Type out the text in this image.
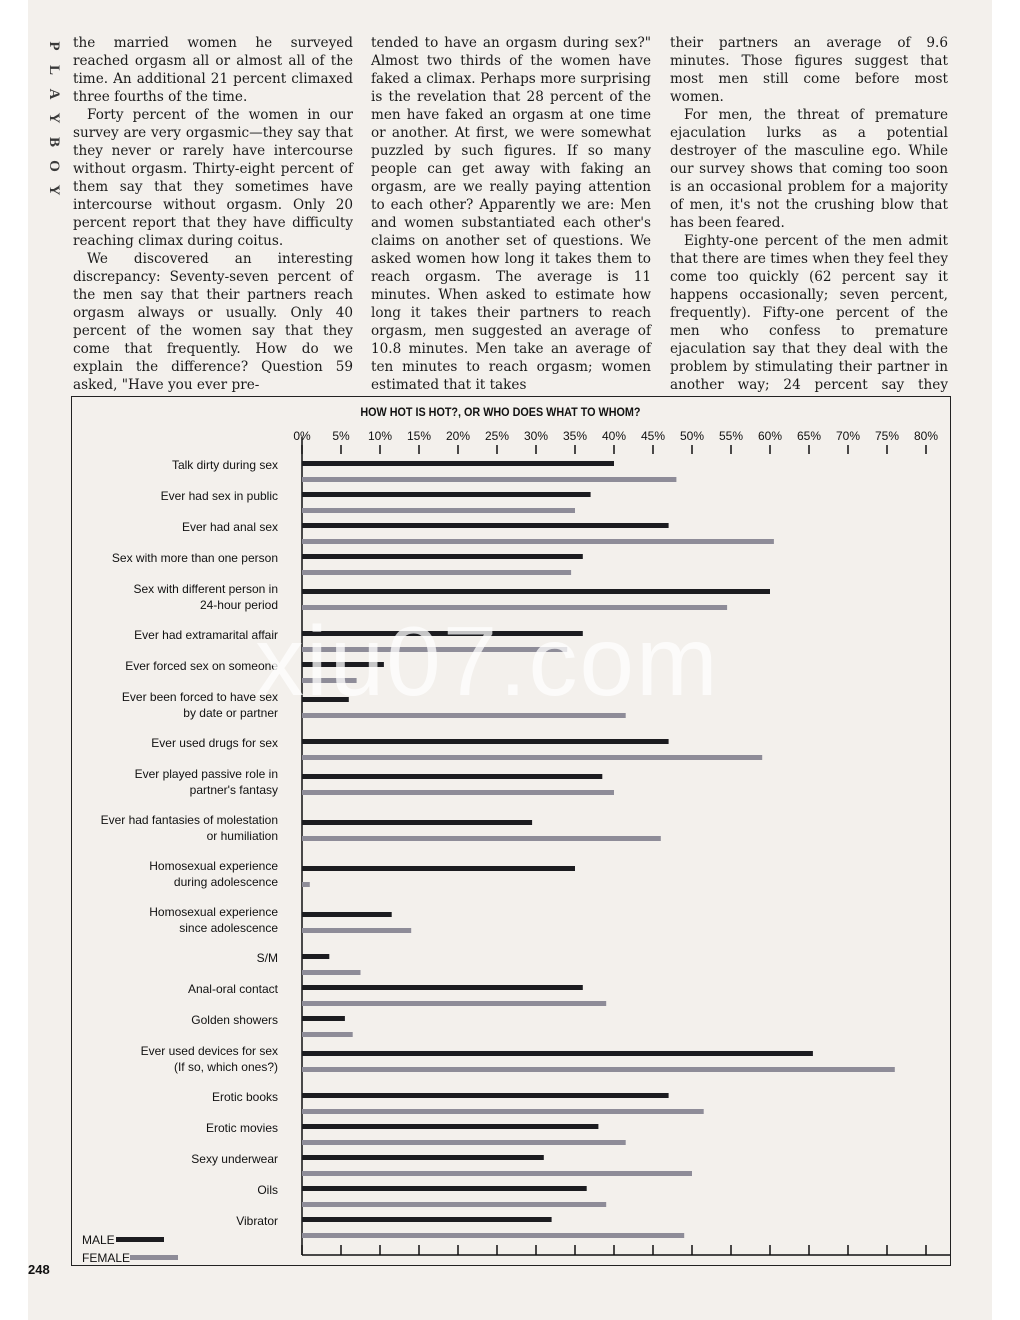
P
L
A
Y
B
O
Y

the married women he surveyed reached orgasm all or almost all of the time. An additional 21 percent climaxed three fourths of the time.

Forty percent of the women in our survey are very orgasmic—they say that they never or rarely have intercourse without orgasm. Thirty-eight percent of them say that they sometimes have intercourse without orgasm. Only 20 percent report that they have difficulty reaching climax during coitus.

We discovered an interesting discrepancy: Seventy-seven percent of the men say that their partners reach orgasm always or usually. Only 40 percent of the women say that they come that frequently. How do we explain the difference? Question 59 asked, "Have you ever pre-

tended to have an orgasm during sex?" Almost two thirds of the women have faked a climax. Perhaps more surprising is the revelation that 28 percent of the men have faked an orgasm at one time or another. At first, we were somewhat puzzled by such figures. If so many people can get away with faking an orgasm, are we really paying attention to each other? Apparently we are: Men and women substantiated each other's claims on another set of questions. We asked women how long it takes them to reach orgasm. The average is 11 minutes. When asked to estimate how long it takes their partners to reach orgasm, men suggested an average of 10.8 minutes. Men take an average of ten minutes to reach orgasm; women estimated that it takes

their partners an average of 9.6 minutes. Those figures suggest that most men still come before most women.

For men, the threat of premature ejaculation lurks as a potential destroyer of the masculine ego. While our survey shows that coming too soon is an occasional problem for a majority of men, it's not the crushing blow that has been feared.

Eighty-one percent of the men admit that there are times when they feel they come too quickly (62 percent say it happens occasionally; seven percent, frequently). Fifty-one percent of the men who confess to premature ejaculation say that they deal with the problem by stimulating their partner in another way; 24 percent say they

HOW HOT IS HOT?, OR WHO DOES WHAT TO WHOM?
0% 5% 10% 15% 20% 25% 30% 35% 40% 45% 50% 55% 60% 65% 70% 75% 80%
Talk dirty during sex
Ever had sex in public
Ever had anal sex
Sex with more than one person
Sex with different person in
24-hour period
Ever had extramarital affair
Ever forced sex on someone
Ever been forced to have sex
by date or partner
Ever used drugs for sex
Ever played passive role in
partner's fantasy
Ever had fantasies of molestation
or humiliation
Homosexual experience
during adolescence
Homosexual experience
since adolescence
S/M
Anal-oral contact
Golden showers
Ever used devices for sex
(If so, which ones?)
Erotic books
Erotic movies
Sexy underwear
Oils
Vibrator
MALE
FEMALE
248
xiu07.com
